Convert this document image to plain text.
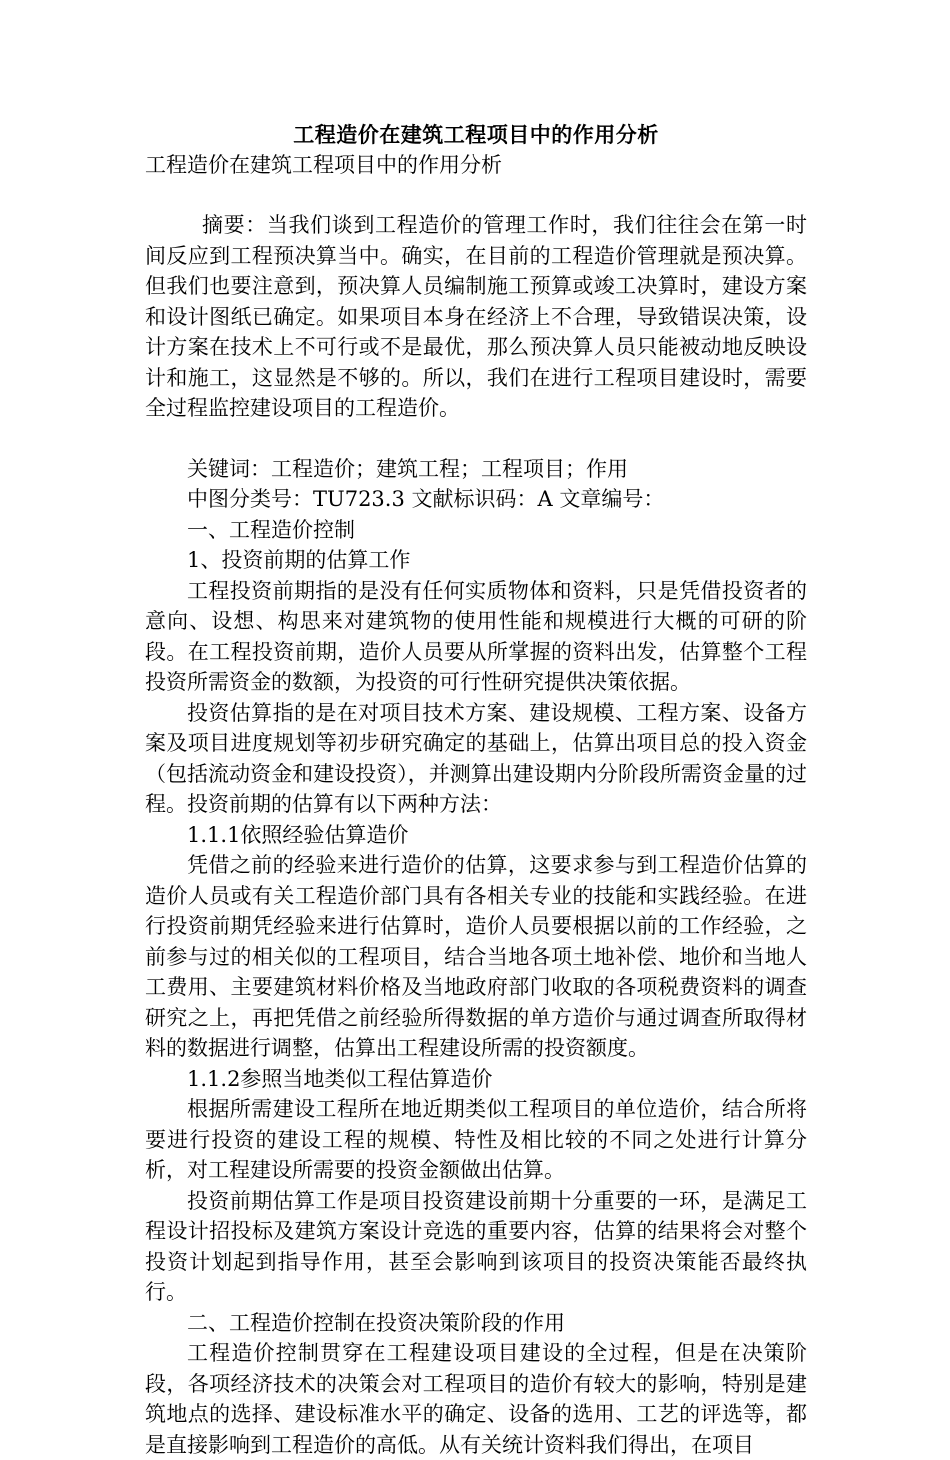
工程造价在建筑工程项目中的作用分析

工程造价在建筑工程项目中的作用分析

摘要：当我们谈到工程造价的管理工作时，我们往往会在第一时间反应到工程预决算当中。确实，在目前的工程造价管理就是预决算。但我们也要注意到，预决算人员编制施工预算或竣工决算时，建设方案和设计图纸已确定。如果项目本身在经济上不合理，导致错误决策，设计方案在技术上不可行或不是最优，那么预决算人员只能被动地反映设计和施工，这显然是不够的。所以，我们在进行工程项目建设时，需要全过程监控建设项目的工程造价。

关键词：工程造价；建筑工程；工程项目；作用

中图分类号：TU723.3 文献标识码：A 文章编号：

一、工程造价控制

1、投资前期的估算工作

工程投资前期指的是没有任何实质物体和资料，只是凭借投资者的意向、设想、构思来对建筑物的使用性能和规模进行大概的可研的阶段。在工程投资前期，造价人员要从所掌握的资料出发，估算整个工程投资所需资金的数额，为投资的可行性研究提供决策依据。

投资估算指的是在对项目技术方案、建设规模、工程方案、设备方案及项目进度规划等初步研究确定的基础上，估算出项目总的投入资金（包括流动资金和建设投资），并测算出建设期内分阶段所需资金量的过程。投资前期的估算有以下两种方法：

1.1.1依照经验估算造价

凭借之前的经验来进行造价的估算，这要求参与到工程造价估算的造价人员或有关工程造价部门具有各相关专业的技能和实践经验。在进行投资前期凭经验来进行估算时，造价人员要根据以前的工作经验，之前参与过的相关似的工程项目，结合当地各项土地补偿、地价和当地人工费用、主要建筑材料价格及当地政府部门收取的各项税费资料的调查研究之上，再把凭借之前经验所得数据的单方造价与通过调查所取得材料的数据进行调整，估算出工程建设所需的投资额度。

1.1.2参照当地类似工程估算造价

根据所需建设工程所在地近期类似工程项目的单位造价，结合所将要进行投资的建设工程的规模、特性及相比较的不同之处进行计算分析，对工程建设所需要的投资金额做出估算。

投资前期估算工作是项目投资建设前期十分重要的一环，是满足工程设计招投标及建筑方案设计竞选的重要内容，估算的结果将会对整个投资计划起到指导作用，甚至会影响到该项目的投资决策能否最终执行。

二、工程造价控制在投资决策阶段的作用

工程造价控制贯穿在工程建设项目建设的全过程，但是在决策阶段，各项经济技术的决策会对工程项目的造价有较大的影响，特别是建筑地点的选择、建设标准水平的确定、设备的选用、工艺的评选等，都是直接影响到工程造价的高低。从有关统计资料我们得出，在项目
